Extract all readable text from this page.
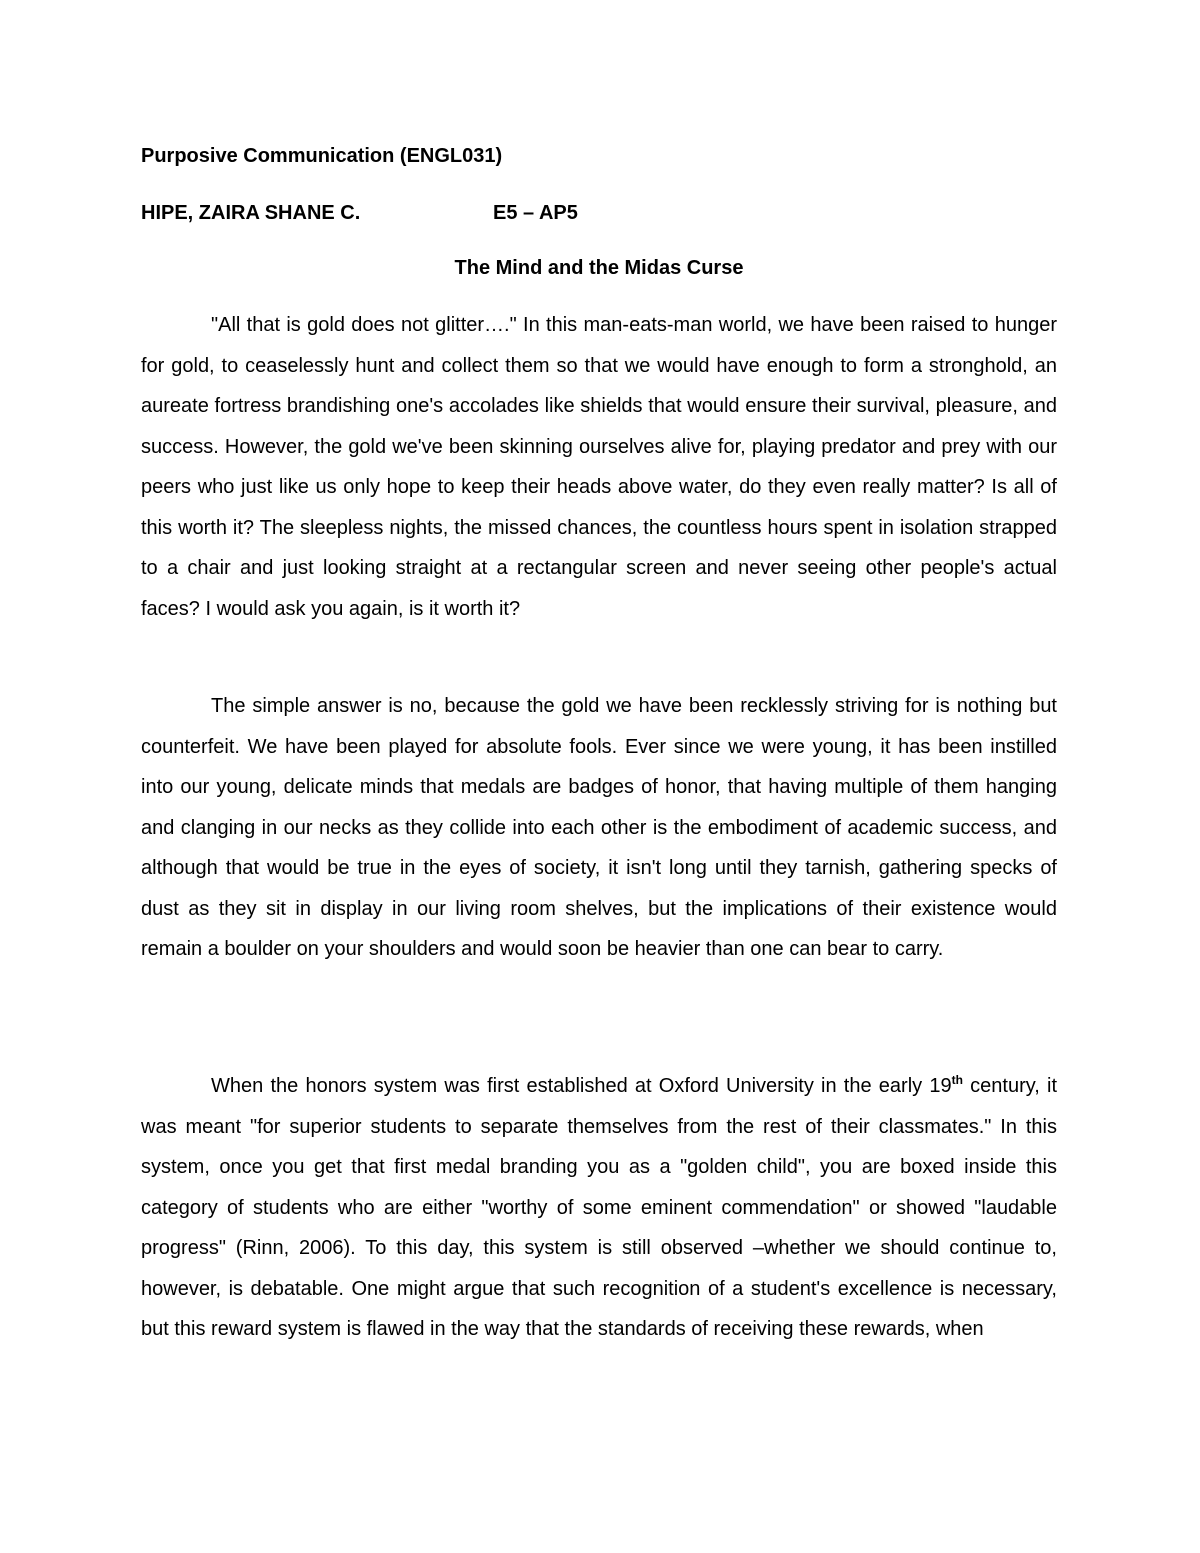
Purposive Communication (ENGL031)
HIPE, ZAIRA SHANE C.	E5 – AP5
The Mind and the Midas Curse

"All that is gold does not glitter…." In this man-eats-man world, we have been raised to hunger for gold, to ceaselessly hunt and collect them so that we would have enough to form a stronghold, an aureate fortress brandishing one's accolades like shields that would ensure their survival, pleasure, and success. However, the gold we've been skinning ourselves alive for, playing predator and prey with our peers who just like us only hope to keep their heads above water, do they even really matter? Is all of this worth it? The sleepless nights, the missed chances, the countless hours spent in isolation strapped to a chair and just looking straight at a rectangular screen and never seeing other people's actual faces? I would ask you again, is it worth it?

The simple answer is no, because the gold we have been recklessly striving for is nothing but counterfeit. We have been played for absolute fools. Ever since we were young, it has been instilled into our young, delicate minds that medals are badges of honor, that having multiple of them hanging and clanging in our necks as they collide into each other is the embodiment of academic success, and although that would be true in the eyes of society, it isn't long until they tarnish, gathering specks of dust as they sit in display in our living room shelves, but the implications of their existence would remain a boulder on your shoulders and would soon be heavier than one can bear to carry.

When the honors system was first established at Oxford University in the early 19th century, it was meant "for superior students to separate themselves from the rest of their classmates." In this system, once you get that first medal branding you as a "golden child", you are boxed inside this category of students who are either "worthy of some eminent commendation" or showed "laudable progress" (Rinn, 2006). To this day, this system is still observed –whether we should continue to, however, is debatable. One might argue that such recognition of a student's excellence is necessary, but this reward system is flawed in the way that the standards of receiving these rewards, when
